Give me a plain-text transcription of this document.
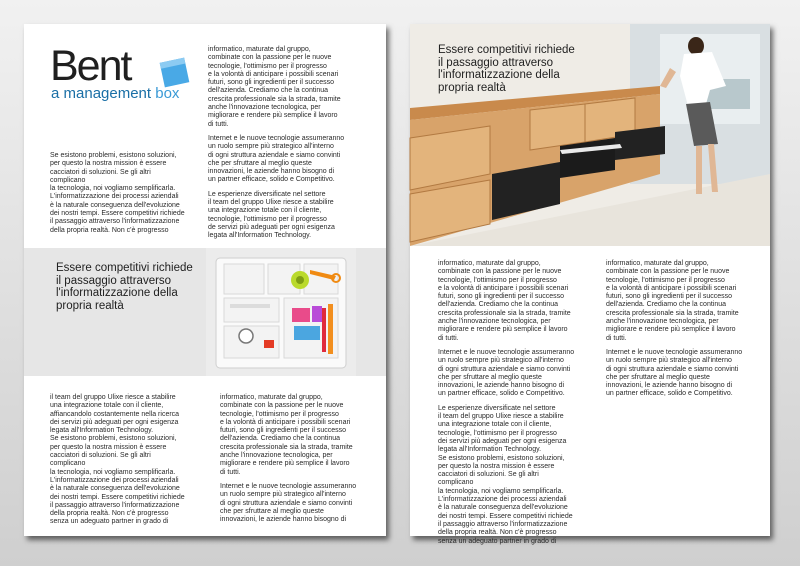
Bent
a management box

Se esistono problemi, esistono soluzioni,
per questo la nostra mission è essere
cacciatori di soluzioni. Se gli altri
complicano
la tecnologia, noi vogliamo semplificarla.
L'informatizzazione dei processi aziendali
è la naturale conseguenza dell'evoluzione
dei nostri tempi. Essere competitivi richiede
il passaggio attraverso l'informatizzazione
della propria realtà. Non c'è progresso

informatico, maturate dal gruppo,
combinate con la passione per le nuove
tecnologie, l'ottimismo per il progresso
e la volontà di anticipare i possibili scenari
futuri, sono gli ingredienti per il successo
dell'azienda. Crediamo che la continua
crescita professionale sia la strada, tramite
anche l'innovazione tecnologica, per
migliorare e rendere più semplice il lavoro
di tutti.

Internet e le nuove tecnologie assumeranno
un ruolo sempre più strategico all'interno
di ogni struttura aziendale e siamo convinti
che per sfruttare al meglio queste
innovazioni, le aziende hanno bisogno di
un partner efficace, solido e Competitivo.

Le esperienze diversificate nel settore
il team del gruppo Ulixe riesce a stabilire
una integrazione totale con il cliente,
tecnologie, l'ottimismo per il progresso
de servizi più adeguati per ogni esigenza
legata all'Information Technology.

Essere competitivi richiede
il passaggio attraverso
l'informatizzazione della
propria realtà

il team del gruppo Ulixe riesce a stabilire
una integrazione totale con il cliente,
affiancandolo costantemente nella ricerca
dei servizi più adeguati per ogni esigenza
legata all'Information Technology.
Se esistono problemi, esistono soluzioni,
per questo la nostra mission è essere
cacciatori di soluzioni. Se gli altri
complicano
la tecnologia, noi vogliamo semplificarla.
L'informatizzazione dei processi aziendali
è la naturale conseguenza dell'evoluzione
dei nostri tempi. Essere competitivi richiede
il passaggio attraverso l'informatizzazione
della propria realtà. Non c'è progresso
senza un adeguato partner in grado di

informatico, maturate dal gruppo,
combinate con la passione per le nuove
tecnologie, l'ottimismo per il progresso
e la volontà di anticipare i possibili scenari
futuri, sono gli ingredienti per il successo
dell'azienda. Crediamo che la continua
crescita professionale sia la strada, tramite
anche l'innovazione tecnologica, per
migliorare e rendere più semplice il lavoro
di tutti.

Internet e le nuove tecnologie assumeranno
un ruolo sempre più strategico all'interno
di ogni struttura aziendale e siamo convinti
che per sfruttare al meglio queste
innovazioni, le aziende hanno bisogno di

Essere competitivi richiede
il passaggio attraverso
l'informatizzazione della
propria realtà

informatico, maturate dal gruppo,
combinate con la passione per le nuove
tecnologie, l'ottimismo per il progresso
e la volontà di anticipare i possibili scenari
futuri, sono gli ingredienti per il successo
dell'azienda. Crediamo che la continua
crescita professionale sia la strada, tramite
anche l'innovazione tecnologica, per
migliorare e rendere più semplice il lavoro
di tutti.

Internet e le nuove tecnologie assumeranno
un ruolo sempre più strategico all'interno
di ogni struttura aziendale e siamo convinti
che per sfruttare al meglio queste
innovazioni, le aziende hanno bisogno di
un partner efficace, solido e Competitivo.

Le esperienze diversificate nel settore
il team del gruppo Ulixe riesce a stabilire
una integrazione totale con il cliente,
tecnologie, l'ottimismo per il progresso
dei servizi più adeguati per ogni esigenza
legata all'Information Technology.
Se esistono problemi, esistono soluzioni,
per questo la nostra mission è essere
cacciatori di soluzioni. Se gli altri
complicano
la tecnologia, noi vogliamo semplificarla.
L'informatizzazione dei processi aziendali
è la naturale conseguenza dell'evoluzione
dei nostri tempi. Essere competitivi richiede
il passaggio attraverso l'informatizzazione
della propria realtà. Non c'è progresso
senza un adeguato partner in grado di

informatico, maturate dal gruppo,
combinate con la passione per le nuove
tecnologie, l'ottimismo per il progresso
e la volontà di anticipare i possibili scenari
futuri, sono gli ingredienti per il successo
dell'azienda. Crediamo che la continua
crescita professionale sia la strada, tramite
anche l'innovazione tecnologica, per
migliorare e rendere più semplice il lavoro
di tutti.

Internet e le nuove tecnologie assumeranno
un ruolo sempre più strategico all'interno
di ogni struttura aziendale e siamo convinti
che per sfruttare al meglio queste
innovazioni, le aziende hanno bisogno di
un partner efficace, solido e Competitivo.
